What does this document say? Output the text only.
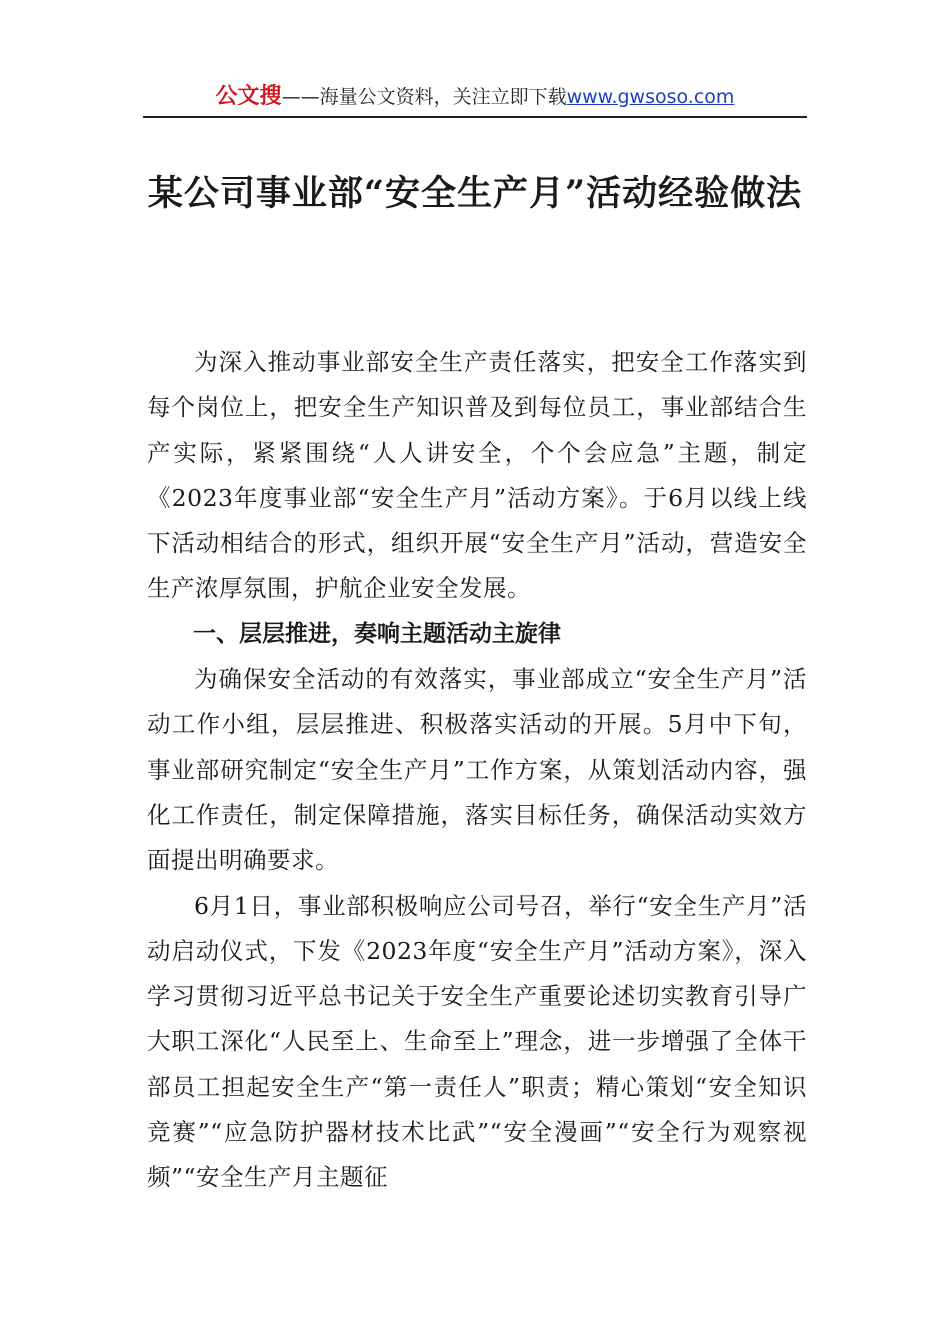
公文搜——海量公文资料，关注立即下载www.gwsoso.com
某公司事业部“安全生产月”活动经验做法

为深入推动事业部安全生产责任落实，把安全工作落实到每个岗位上，把安全生产知识普及到每位员工，事业部结合生产实际，紧紧围绕“人人讲安全，个个会应急”主题，制定《2023年度事业部“安全生产月”活动方案》。于6月以线上线下活动相结合的形式，组织开展“安全生产月”活动，营造安全生产浓厚氛围，护航企业安全发展。

一、层层推进，奏响主题活动主旋律

为确保安全活动的有效落实，事业部成立“安全生产月”活动工作小组，层层推进、积极落实活动的开展。5月中下旬，事业部研究制定“安全生产月”工作方案，从策划活动内容，强化工作责任，制定保障措施，落实目标任务，确保活动实效方面提出明确要求。

6月1日，事业部积极响应公司号召，举行“安全生产月”活动启动仪式，下发《2023年度“安全生产月”活动方案》，深入学习贯彻习近平总书记关于安全生产重要论述切实教育引导广大职工深化“人民至上、生命至上”理念，进一步增强了全体干部员工担起安全生产“第一责任人”职责；精心策划“安全知识竞赛”“应急防护器材技术比武”“安全漫画”“安全行为观察视频”“安全生产月主题征
